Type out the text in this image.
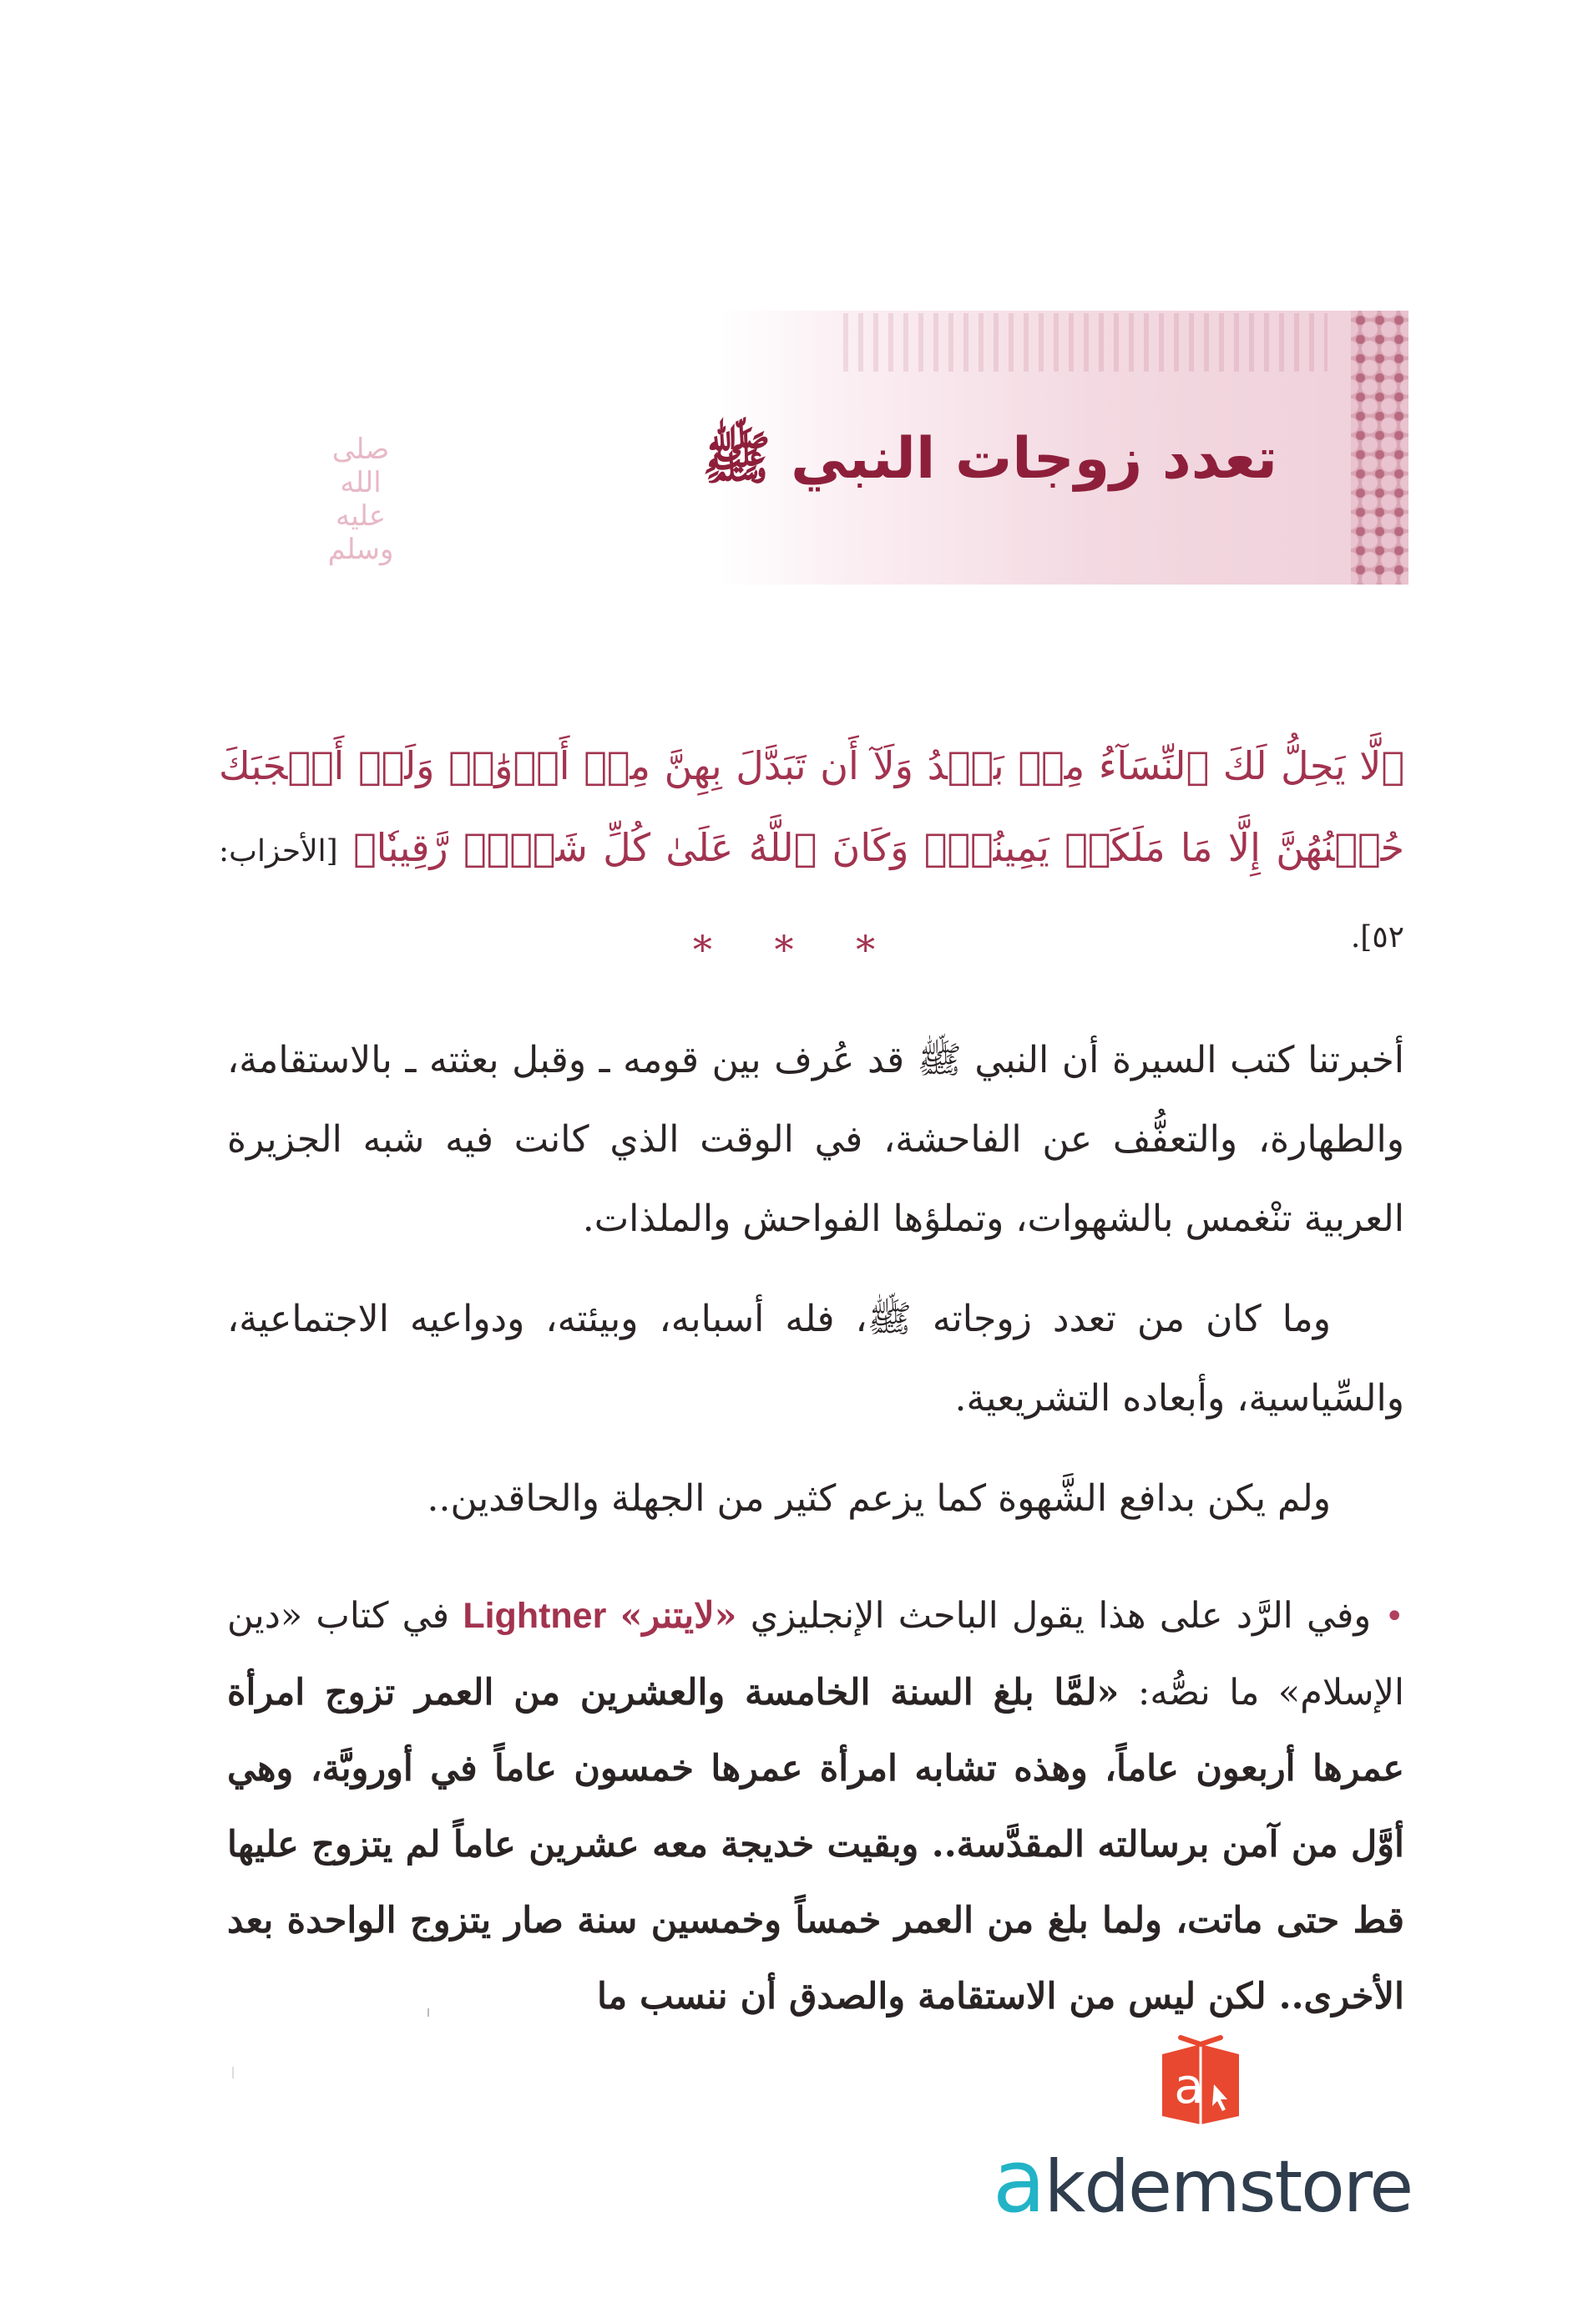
تعدد زوجات النبي ﷺ
صلى الله عليه وسلم

﴿لَّا يَحِلُّ لَكَ ٱلنِّسَآءُ مِنۢ بَعۡدُ وَلَآ أَن تَبَدَّلَ بِهِنَّ مِنۡ أَزۡوَٰجٖ وَلَوۡ أَعۡجَبَكَ حُسۡنُهُنَّ إِلَّا مَا مَلَكَتۡ يَمِينُكَۗ وَكَانَ ٱللَّهُ عَلَىٰ كُلِّ شَيۡءٖ رَّقِيبٗا﴾ [الأحزاب: ٥٢].

* * *

أخبرتنا كتب السيرة أن النبي ﷺ قد عُرف بين قومه ـ وقبل بعثته ـ بالاستقامة، والطهارة، والتعفُّف عن الفاحشة، في الوقت الذي كانت فيه شبه الجزيرة العربية تنْغمس بالشهوات، وتملؤها الفواحش والملذات.

وما كان من تعدد زوجاته ﷺ، فله أسبابه، وبيئته، ودواعيه الاجتماعية، والسِّياسية، وأبعاده التشريعية.

ولم يكن بدافع الشَّهوة كما يزعم كثير من الجهلة والحاقدين..

• وفي الرَّد على هذا يقول الباحث الإنجليزي «لايتنر» Lightner في كتاب «دين الإسلام» ما نصُّه: «لمَّا بلغ السنة الخامسة والعشرين من العمر تزوج امرأة عمرها أربعون عاماً، وهذه تشابه امرأة عمرها خمسون عاماً في أوروبَّة، وهي أوَّل من آمن برسالته المقدَّسة.. وبقيت خديجة معه عشرين عاماً لم يتزوج عليها قط حتى ماتت، ولما بلغ من العمر خمساً وخمسين سنة صار يتزوج الواحدة بعد الأخرى.. لكن ليس من الاستقامة والصدق أن ننسب ما

a
akdemstore
